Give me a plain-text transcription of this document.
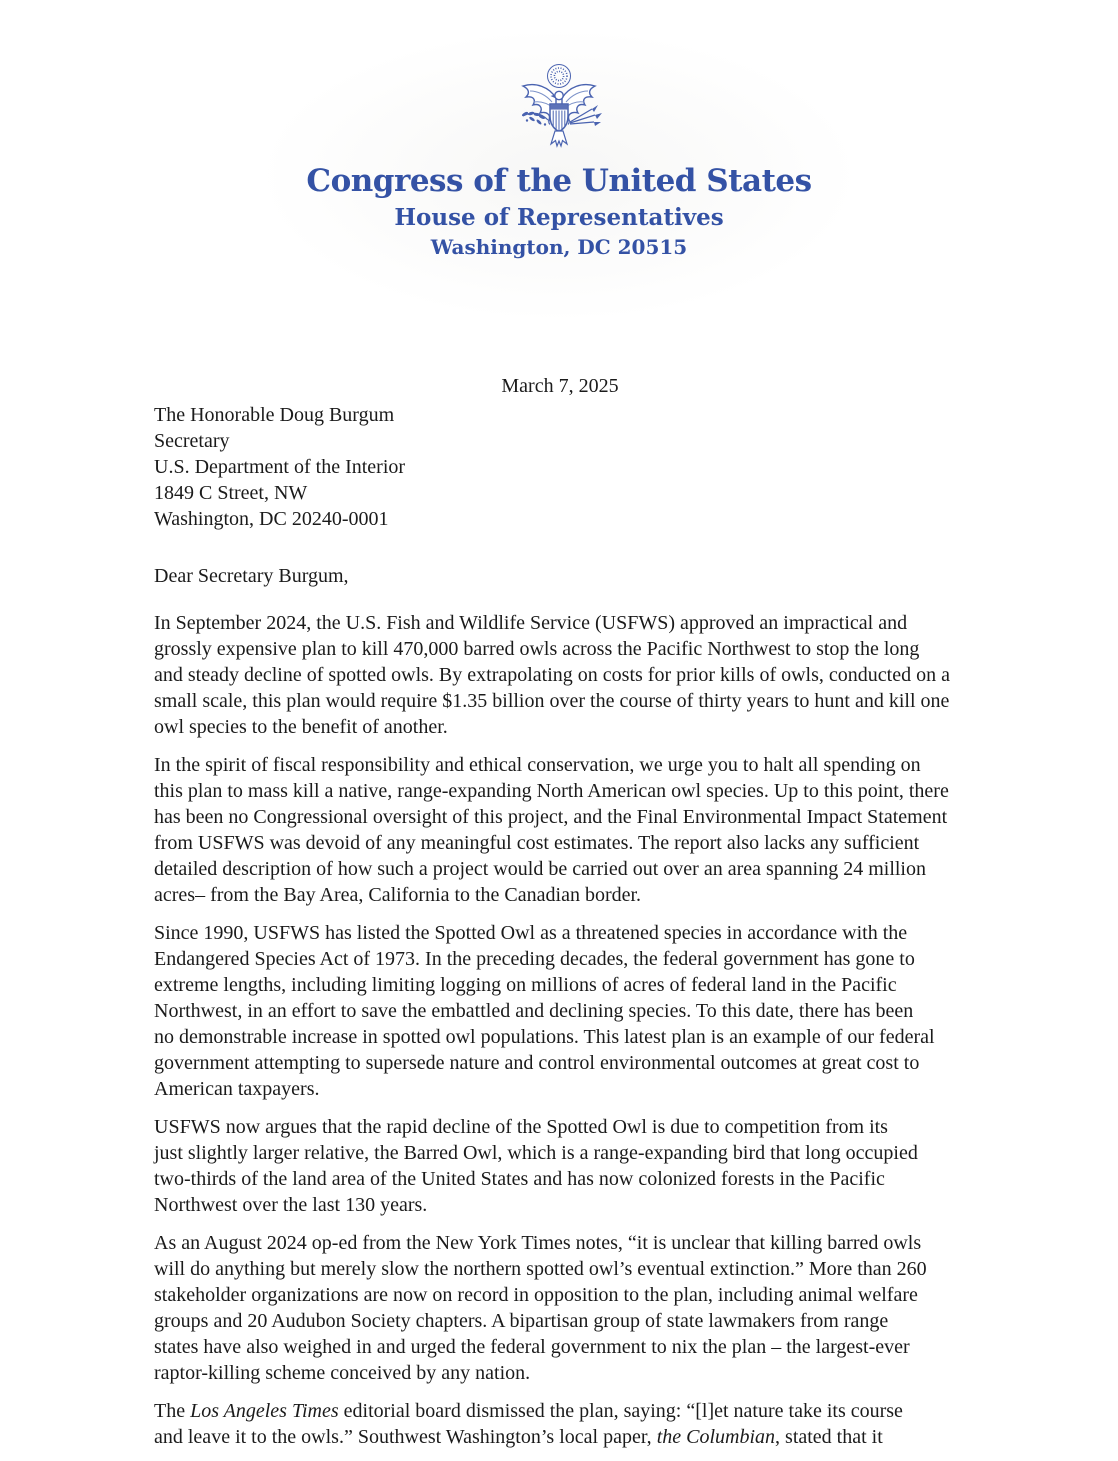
Congress of the United States
House of Representatives
Washington, DC 20515
March 7, 2025
The Honorable Doug Burgum
Secretary
U.S. Department of the Interior
1849 C Street, NW
Washington, DC 20240-0001
Dear Secretary Burgum,

In September 2024, the U.S. Fish and Wildlife Service (USFWS) approved an impractical and
grossly expensive plan to kill 470,000 barred owls across the Pacific Northwest to stop the long
and steady decline of spotted owls. By extrapolating on costs for prior kills of owls, conducted on a
small scale, this plan would require $1.35 billion over the course of thirty years to hunt and kill one
owl species to the benefit of another.

In the spirit of fiscal responsibility and ethical conservation, we urge you to halt all spending on
this plan to mass kill a native, range-expanding North American owl species. Up to this point, there
has been no Congressional oversight of this project, and the Final Environmental Impact Statement
from USFWS was devoid of any meaningful cost estimates. The report also lacks any sufficient
detailed description of how such a project would be carried out over an area spanning 24 million
acres– from the Bay Area, California to the Canadian border.

Since 1990, USFWS has listed the Spotted Owl as a threatened species in accordance with the
Endangered Species Act of 1973. In the preceding decades, the federal government has gone to
extreme lengths, including limiting logging on millions of acres of federal land in the Pacific
Northwest, in an effort to save the embattled and declining species. To this date, there has been
no demonstrable increase in spotted owl populations. This latest plan is an example of our federal
government attempting to supersede nature and control environmental outcomes at great cost to
American taxpayers.

USFWS now argues that the rapid decline of the Spotted Owl is due to competition from its
just slightly larger relative, the Barred Owl, which is a range-expanding bird that long occupied
two-thirds of the land area of the United States and has now colonized forests in the Pacific
Northwest over the last 130 years.

As an August 2024 op-ed from the New York Times notes, “it is unclear that killing barred owls
will do anything but merely slow the northern spotted owl’s eventual extinction.” More than 260
stakeholder organizations are now on record in opposition to the plan, including animal welfare
groups and 20 Audubon Society chapters. A bipartisan group of state lawmakers from range
states have also weighed in and urged the federal government to nix the plan – the largest-ever
raptor-killing scheme conceived by any nation.

The Los Angeles Times editorial board dismissed the plan, saying: “[l]et nature take its course
and leave it to the owls.” Southwest Washington’s local paper, the Columbian, stated that it
